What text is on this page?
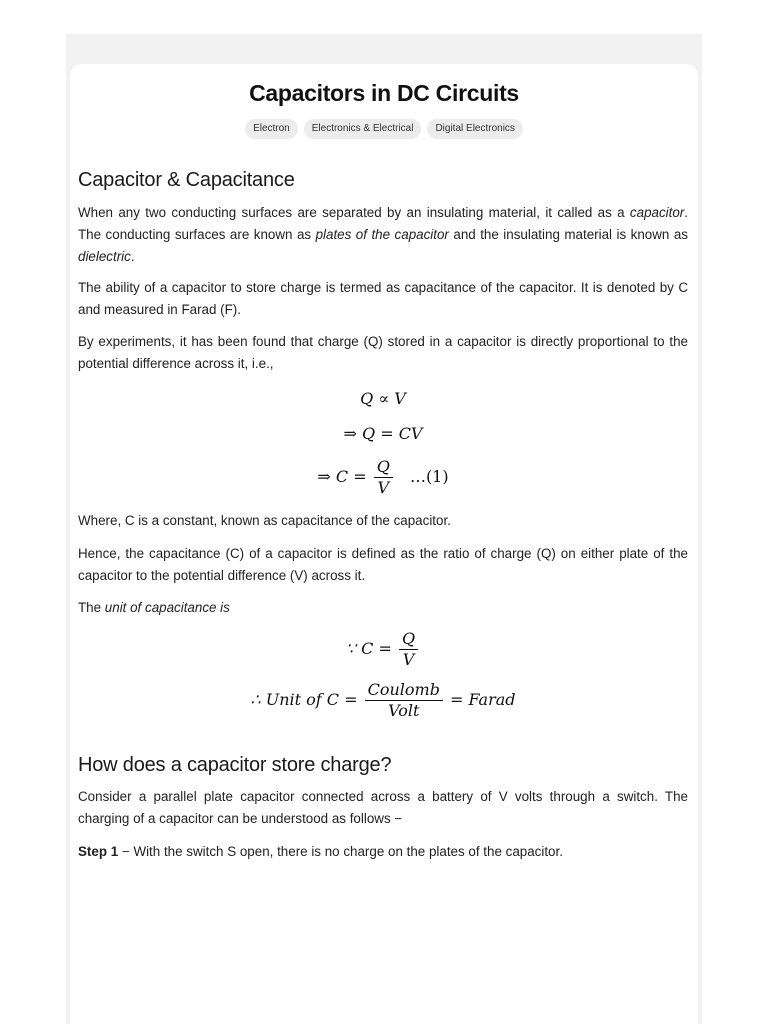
Capacitors in DC Circuits
Electron	Electronics & Electrical	Digital Electronics
Capacitor & Capacitance

When any two conducting surfaces are separated by an insulating material, it called as a capacitor. The conducting surfaces are known as plates of the capacitor and the insulating material is known as dielectric.

The ability of a capacitor to store charge is termed as capacitance of the capacitor. It is denoted by C and measured in Farad (F).

By experiments, it has been found that charge (Q) stored in a capacitor is directly proportional to the potential difference across it, i.e.,

Q ∝ V
⇒ Q = CV
⇒ $C = \frac{Q}{V}$ …(1)

Where, C is a constant, known as capacitance of the capacitor.

Hence, the capacitance (C) of a capacitor is defined as the ratio of charge (Q) on either plate of the capacitor to the potential difference (V) across it.

The unit of capacitance is

∵ $C = \frac{Q}{V}$
∴ Unit of $C = \frac{\text{Coulomb}}{\text{Volt}}$ = Farad
How does a capacitor store charge?

Consider a parallel plate capacitor connected across a battery of V volts through a switch. The charging of a capacitor can be understood as follows −

Step 1 − With the switch S open, there is no charge on the plates of the capacitor.
